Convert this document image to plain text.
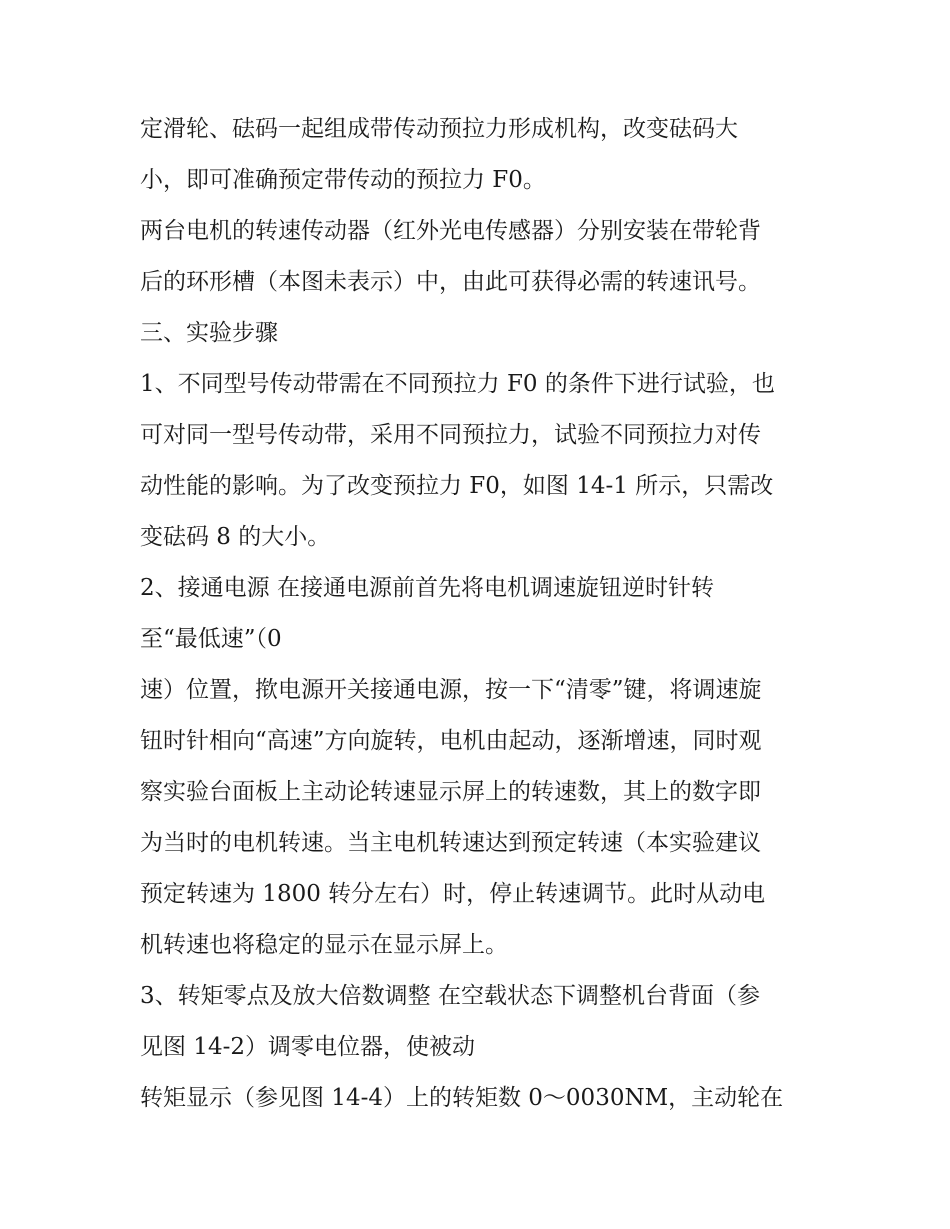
定滑轮、砝码一起组成带传动预拉力形成机构，改变砝码大
小，即可准确预定带传动的预拉力 F0。
两台电机的转速传动器（红外光电传感器）分别安装在带轮背
后的环形槽（本图未表示）中，由此可获得必需的转速讯号。
三、实验步骤
1、不同型号传动带需在不同预拉力 F0 的条件下进行试验，也
可对同一型号传动带，采用不同预拉力，试验不同预拉力对传
动性能的影响。为了改变预拉力 F0，如图 14-1 所示，只需改
变砝码 8 的大小。
2、接通电源 在接通电源前首先将电机调速旋钮逆时针转
至“最低速”（0
速）位置，揿电源开关接通电源，按一下“清零”键，将调速旋
钮时针相向“高速”方向旋转，电机由起动，逐渐增速，同时观
察实验台面板上主动论转速显示屏上的转速数，其上的数字即
为当时的电机转速。当主电机转速达到预定转速（本实验建议
预定转速为 1800 转分左右）时，停止转速调节。此时从动电
机转速也将稳定的显示在显示屏上。
3、转矩零点及放大倍数调整 在空载状态下调整机台背面（参
见图 14-2）调零电位器，使被动
转矩显示（参见图 14-4）上的转矩数 0～0030NM，主动轮在
